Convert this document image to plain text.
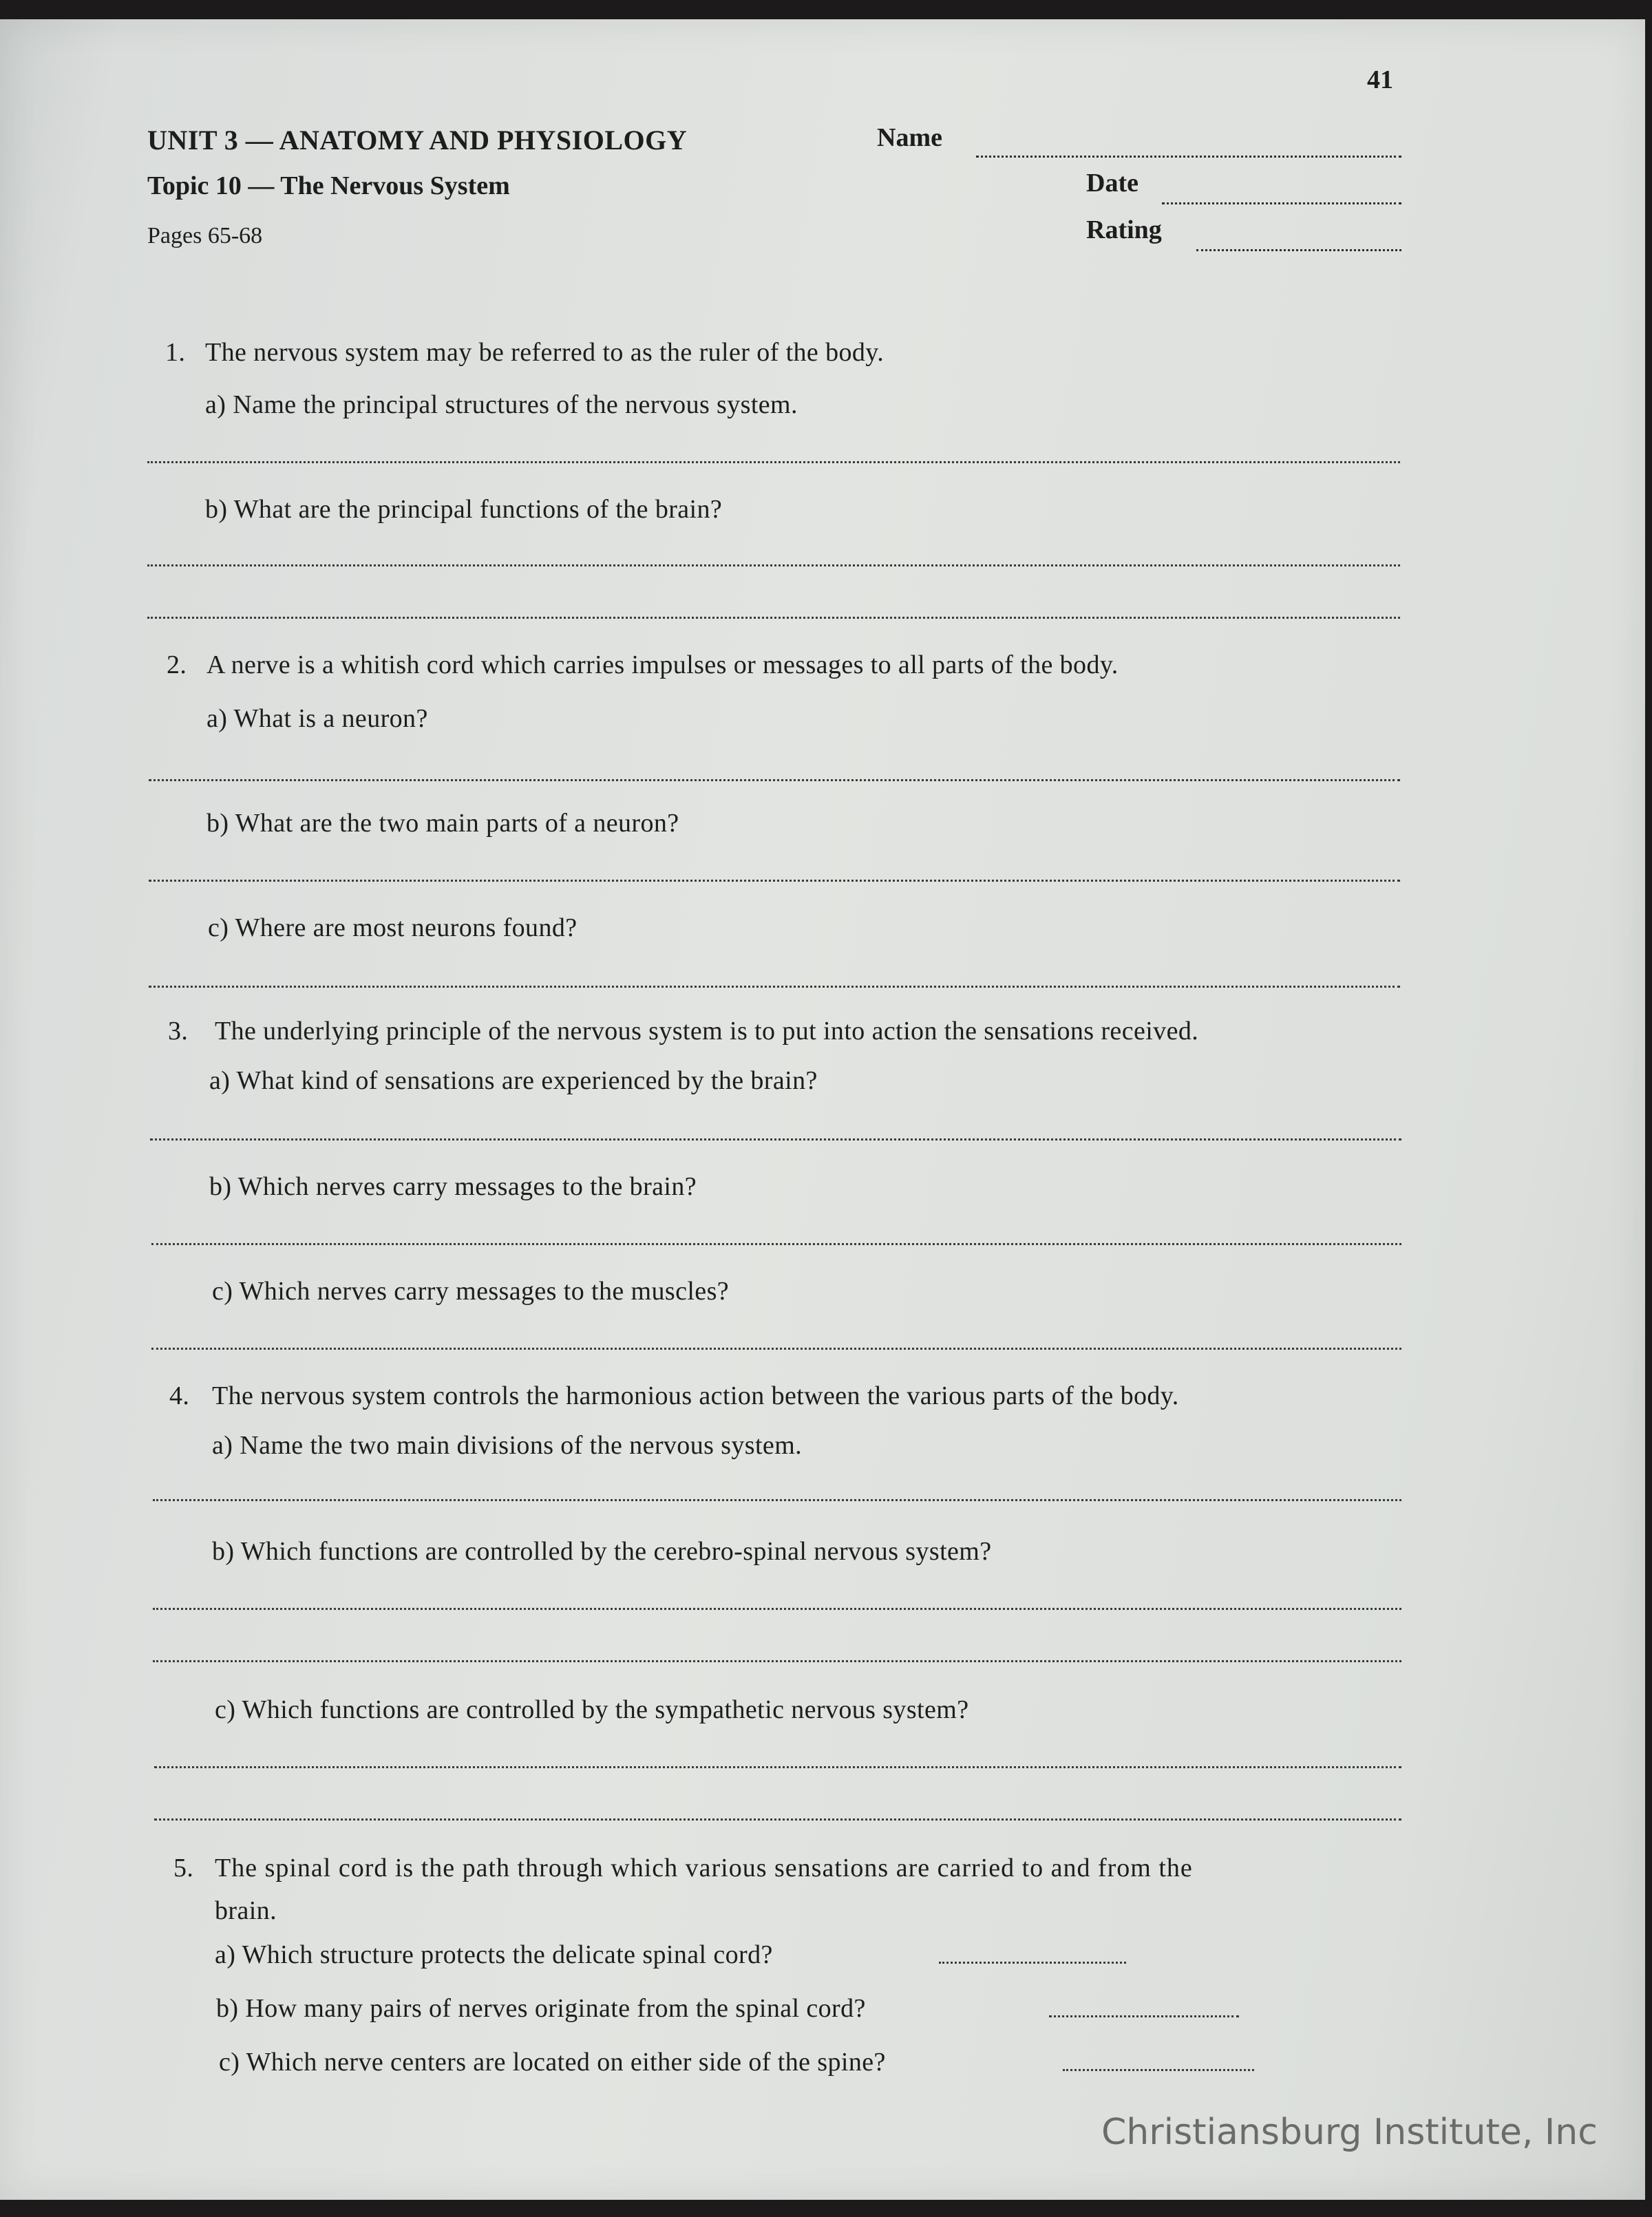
41
UNIT 3 — ANATOMY AND PHYSIOLOGY
Topic 10 — The Nervous System
Pages 65-68
Name
Date
Rating
1. The nervous system may be referred to as the ruler of the body.
a) Name the principal structures of the nervous system.
b) What are the principal functions of the brain?
2. A nerve is a whitish cord which carries impulses or messages to all parts of the body.
a) What is a neuron?
b) What are the two main parts of a neuron?
c) Where are most neurons found?
3. The underlying principle of the nervous system is to put into action the sensations received.
a) What kind of sensations are experienced by the brain?
b) Which nerves carry messages to the brain?
c) Which nerves carry messages to the muscles?
4. The nervous system controls the harmonious action between the various parts of the body.
a) Name the two main divisions of the nervous system.
b) Which functions are controlled by the cerebro-spinal nervous system?
c) Which functions are controlled by the sympathetic nervous system?
5. The spinal cord is the path through which various sensations are carried to and from the
brain.
a) Which structure protects the delicate spinal cord?
b) How many pairs of nerves originate from the spinal cord?
c) Which nerve centers are located on either side of the spine?
Christiansburg Institute, Inc
